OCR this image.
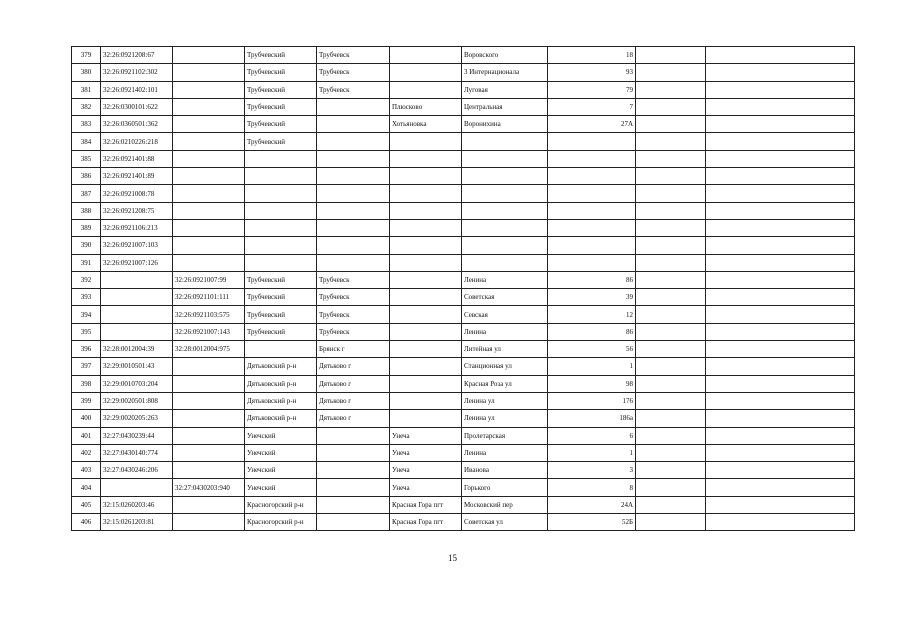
379	32:26:0921208:67		Трубчевский	Трубчевск		Воровского	18		
380	32:26:0921102:302		Трубчевский	Трубчевск		3 Интернационала	93		
381	32:26:0921402:101		Трубчевский	Трубчевск		Луговая	79		
382	32:26:0300101:622		Трубчевский		Плюсково	Центральная	7		
383	32:26:0360501:362		Трубчевский		Хотьяновка	Воронихина	27А		
384	32:26:0210226:218		Трубчевский						
385	32:26:0921401:88								
386	32:26:0921401:89								
387	32:26:0921008:78								
388	32:26:0921208:75								
389	32:26:0921106:213								
390	32:26:0921007:103								
391	32:26:0921007:126								
392		32:26:0921007:99	Трубчевский	Трубчевск		Ленина	86		
393		32:26:0921101:111	Трубчевский	Трубчевск		Советская	39		
394		32:26:0921103:575	Трубчевский	Трубчевск		Севская	12		
395		32:26:0921007:143	Трубчевский	Трубчевск		Ленина	86		
396	32:28:0012004:39	32:28:0012004:975		Брянск г		Литейная ул	56		
397	32:29:0010501:43		Дятьковский р-н	Дятьково г		Станционная ул	1		
398	32:29:0010703:204		Дятьковский р-н	Дятьково г		Красная Роза ул	98		
399	32:29:0020501:808		Дятьковский р-н	Дятьково г		Ленина ул	176		
400	32:29:0020205:263		Дятьковский р-н	Дятьково г		Ленина ул	186а		
401	32:27:0430239:44		Унечский		Унеча	Пролетарская	6		
402	32:27:0430140:774		Унечский		Унеча	Ленина	1		
403	32:27:0430246:206		Унечский		Унеча	Иванова	3		
404		32:27:0430203:940	Унечский		Унеча	Горького	8		
405	32:15:0260203:46		Красногорский р-н		Красная Гора пгт	Московский пер	24А		
406	32:15:0261203:81		Красногорский р-н		Красная Гора пгт	Советская ул	52Б		
15
